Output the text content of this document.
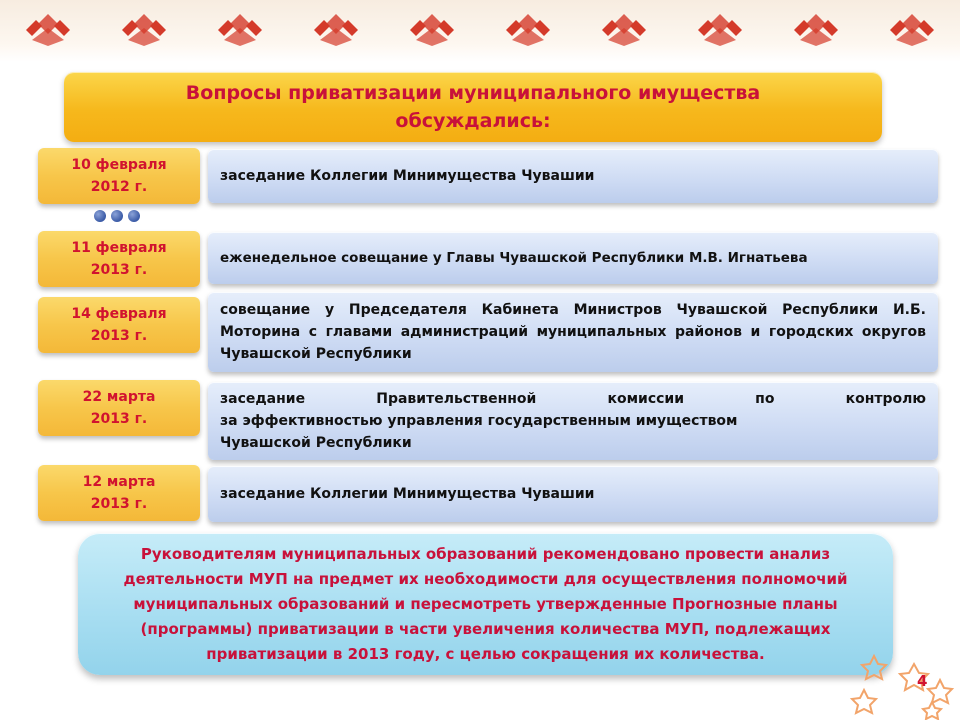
Вопросы приватизации муниципального имущества
обсуждались:
10 февраля
2012 г.
заседание Коллегии Минимущества Чувашии
11 февраля
2013 г.
еженедельное совещание у Главы Чувашской Республики М.В. Игнатьева
14 февраля
2013 г.
совещание у Председателя Кабинета Министров Чувашской Республики И.Б. Моторина с главами администраций муниципальных районов и городских округов Чувашской Республики
22 марта
2013 г.
заседание Правительственной комиссии по контролю
за эффективностью управления государственным имуществом
Чувашской Республики
12 марта
2013 г.
заседание Коллегии Минимущества Чувашии
Руководителям муниципальных образований рекомендовано провести анализ деятельности МУП на предмет их необходимости для осуществления полномочий муниципальных образований и пересмотреть утвержденные Прогнозные планы (программы) приватизации в части увеличения количества МУП, подлежащих приватизации в 2013 году, с целью сокращения их количества.
4
